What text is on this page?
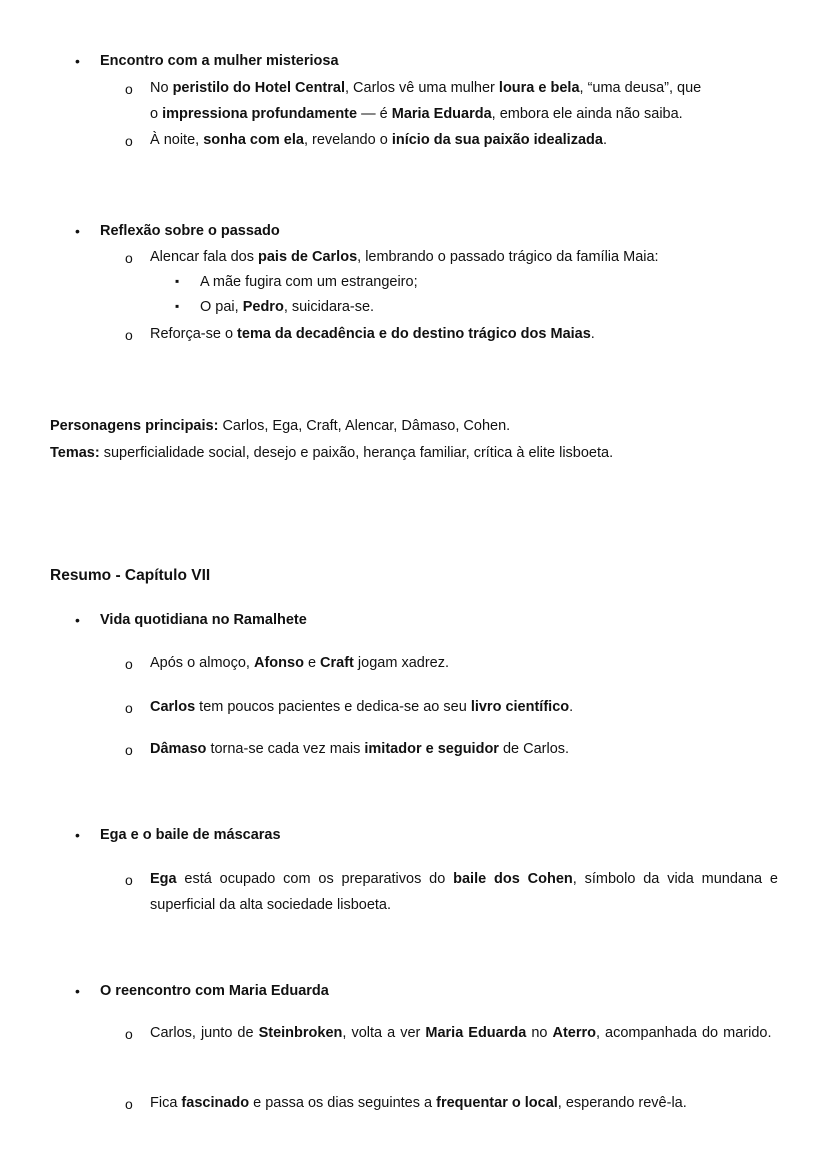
• Encontro com a mulher misteriosa
o No peristilo do Hotel Central, Carlos vê uma mulher loura e bela, “uma deusa”, que
o impressiona profundamente — é Maria Eduarda, embora ele ainda não saiba.
o À noite, sonha com ela, revelando o início da sua paixão idealizada.
• Reflexão sobre o passado
o Alencar fala dos pais de Carlos, lembrando o passado trágico da família Maia:
▪ A mãe fugira com um estrangeiro;
▪ O pai, Pedro, suicidara-se.
o Reforça-se o tema da decadência e do destino trágico dos Maias.
Personagens principais: Carlos, Ega, Craft, Alencar, Dâmaso, Cohen.
Temas: superficialidade social, desejo e paixão, herança familiar, crítica à elite lisboeta.
Resumo - Capítulo VII
• Vida quotidiana no Ramalhete
o Após o almoço, Afonso e Craft jogam xadrez.
o Carlos tem poucos pacientes e dedica-se ao seu livro científico.
o Dâmaso torna-se cada vez mais imitador e seguidor de Carlos.
• Ega e o baile de máscaras
o Ega está ocupado com os preparativos do baile dos Cohen, símbolo da vida mundana e superficial da alta sociedade lisboeta.
• O reencontro com Maria Eduarda
o Carlos, junto de Steinbroken, volta a ver Maria Eduarda no Aterro, acompanhada do marido.
o Fica fascinado e passa os dias seguintes a frequentar o local, esperando revê-la.
